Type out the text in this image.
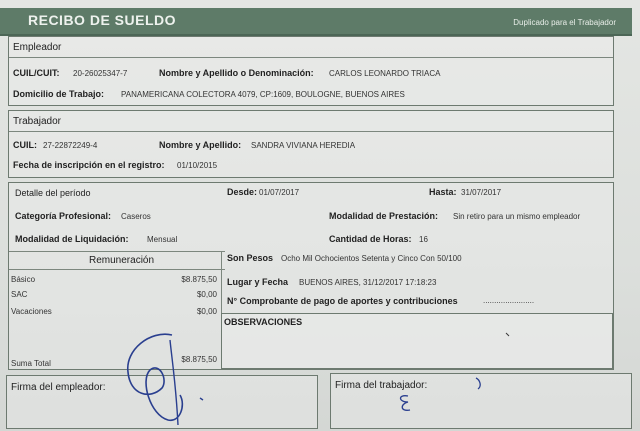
RECIBO DE SUELDO	Duplicado para el Trabajador
Empleador
CUIL/CUIT: 20-26025347-7	Nombre y Apellido o Denominación: CARLOS LEONARDO TRIACA
Domicilio de Trabajo: PANAMERICANA COLECTORA 4079, CP:1609, BOULOGNE, BUENOS AIRES
Trabajador
CUIL: 27-22872249-4	Nombre y Apellido: SANDRA VIVIANA HEREDIA
Fecha de inscripción en el registro: 01/10/2015
Detalle del período	Desde: 01/07/2017	Hasta: 31/07/2017
Categoría Profesional: Caseros	Modalidad de Prestación: Sin retiro para un mismo empleador
Modalidad de Liquidación: Mensual	Cantidad de Horas: 16
Remuneración
Básico	$8.875,50
SAC	$0,00
Vacaciones	$0,00
Suma Total	$8.875,50
Son Pesos Ocho Mil Ochocientos Setenta y Cinco Con 50/100
Lugar y Fecha BUENOS AIRES, 31/12/2017 17:18:23
N° Comprobante de pago de aportes y contribuciones	.......................
OBSERVACIONES
Firma del empleador:	Firma del trabajador:
